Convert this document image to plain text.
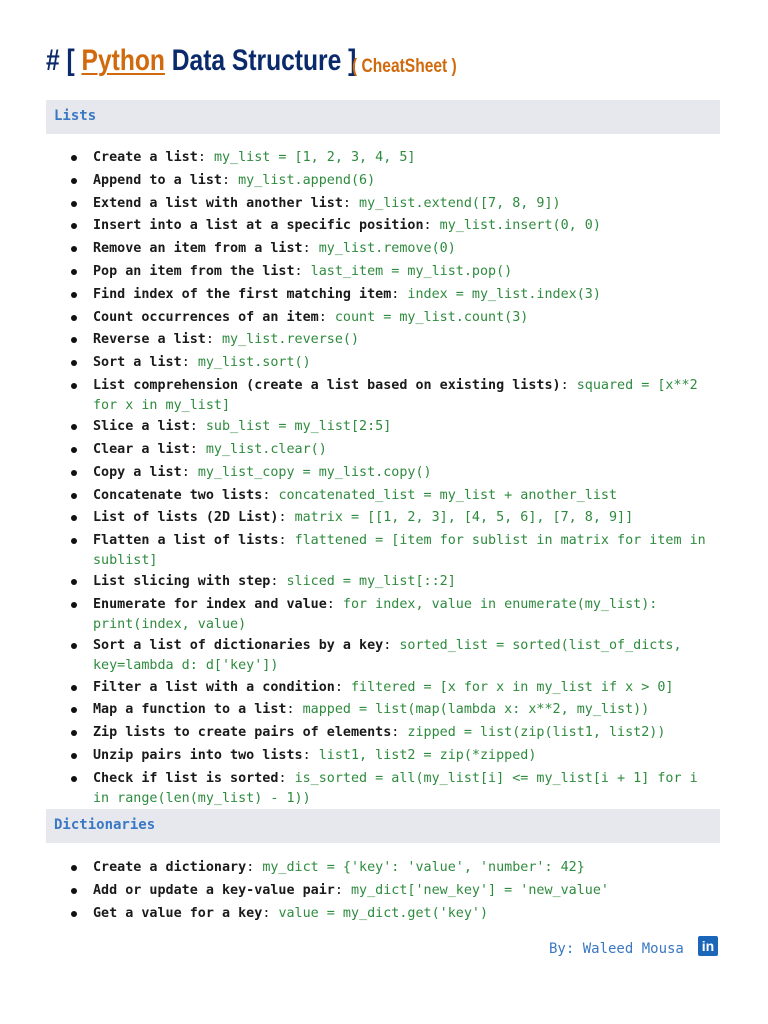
# [ Python Data Structure ]
( CheatSheet )
Lists
Create a list: my_list = [1, 2, 3, 4, 5]
Append to a list: my_list.append(6)
Extend a list with another list: my_list.extend([7, 8, 9])
Insert into a list at a specific position: my_list.insert(0, 0)
Remove an item from a list: my_list.remove(0)
Pop an item from the list: last_item = my_list.pop()
Find index of the first matching item: index = my_list.index(3)
Count occurrences of an item: count = my_list.count(3)
Reverse a list: my_list.reverse()
Sort a list: my_list.sort()
List comprehension (create a list based on existing lists): squared = [x**2 for x in my_list]
Slice a list: sub_list = my_list[2:5]
Clear a list: my_list.clear()
Copy a list: my_list_copy = my_list.copy()
Concatenate two lists: concatenated_list = my_list + another_list
List of lists (2D List): matrix = [[1, 2, 3], [4, 5, 6], [7, 8, 9]]
Flatten a list of lists: flattened = [item for sublist in matrix for item in sublist]
List slicing with step: sliced = my_list[::2]
Enumerate for index and value: for index, value in enumerate(my_list): print(index, value)
Sort a list of dictionaries by a key: sorted_list = sorted(list_of_dicts, key=lambda d: d['key'])
Filter a list with a condition: filtered = [x for x in my_list if x > 0]
Map a function to a list: mapped = list(map(lambda x: x**2, my_list))
Zip lists to create pairs of elements: zipped = list(zip(list1, list2))
Unzip pairs into two lists: list1, list2 = zip(*zipped)
Check if list is sorted: is_sorted = all(my_list[i] <= my_list[i + 1] for i in range(len(my_list) - 1))
Dictionaries
Create a dictionary: my_dict = {'key': 'value', 'number': 42}
Add or update a key-value pair: my_dict['new_key'] = 'new_value'
Get a value for a key: value = my_dict.get('key')
By: Waleed Mousa in
